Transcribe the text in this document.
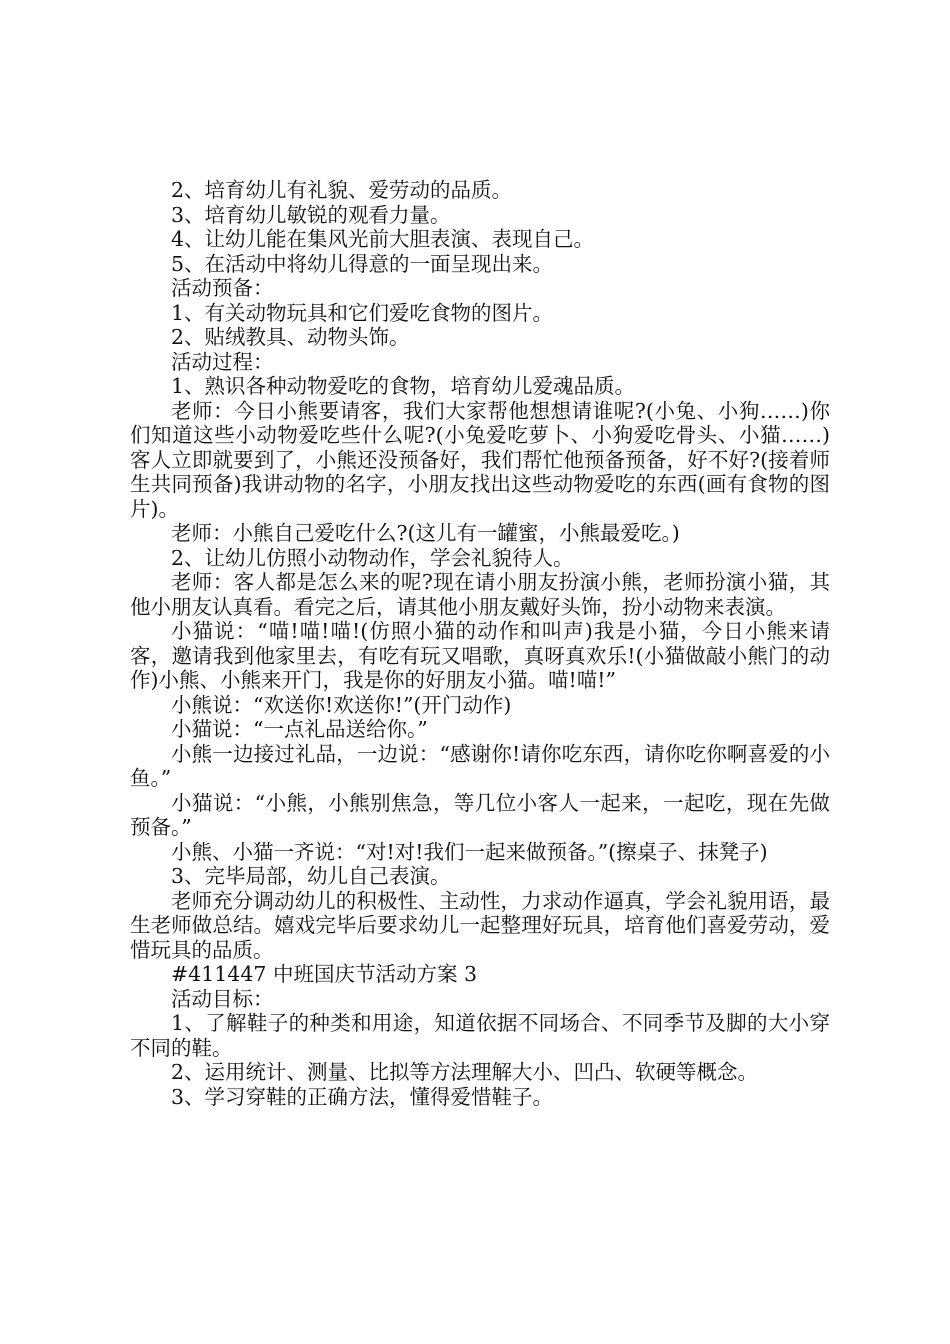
2、培育幼儿有礼貌、爱劳动的品质。

3、培育幼儿敏锐的观看力量。

4、让幼儿能在集风光前大胆表演、表现自己。

5、在活动中将幼儿得意的一面呈现出来。

活动预备：

1、有关动物玩具和它们爱吃食物的图片。

2、贴绒教具、动物头饰。

活动过程：

1、熟识各种动物爱吃的食物，培育幼儿爱魂品质。

老师：今日小熊要请客，我们大家帮他想想请谁呢?(小兔、小狗……)你们知道这些小动物爱吃些什么呢?(小兔爱吃萝卜、小狗爱吃骨头、小猫……)客人立即就要到了，小熊还没预备好，我们帮忙他预备预备，好不好?(接着师生共同预备)我讲动物的名字，小朋友找出这些动物爱吃的东西(画有食物的图片)。

老师：小熊自己爱吃什么?(这儿有一罐蜜，小熊最爱吃。)

2、让幼儿仿照小动物动作，学会礼貌待人。

老师：客人都是怎么来的呢?现在请小朋友扮演小熊，老师扮演小猫，其他小朋友认真看。看完之后，请其他小朋友戴好头饰，扮小动物来表演。

小猫说：“喵!喵!喵!(仿照小猫的动作和叫声)我是小猫，今日小熊来请客，邀请我到他家里去，有吃有玩又唱歌，真呀真欢乐!(小猫做敲小熊门的动作)小熊、小熊来开门，我是你的好朋友小猫。喵!喵!”

小熊说：“欢送你!欢送你!”(开门动作)

小猫说：“一点礼品送给你。”

小熊一边接过礼品，一边说：“感谢你!请你吃东西，请你吃你啊喜爱的小鱼。”

小猫说：“小熊，小熊别焦急，等几位小客人一起来，一起吃，现在先做预备。”

小熊、小猫一齐说：“对!对!我们一起来做预备。”(擦桌子、抹凳子)

3、完毕局部，幼儿自己表演。

老师充分调动幼儿的积极性、主动性，力求动作逼真，学会礼貌用语，最生老师做总结。嬉戏完毕后要求幼儿一起整理好玩具，培育他们喜爱劳动，爱惜玩具的品质。

#411447 中班国庆节活动方案 3

活动目标：

1、了解鞋子的种类和用途，知道依据不同场合、不同季节及脚的大小穿不同的鞋。

2、运用统计、测量、比拟等方法理解大小、凹凸、软硬等概念。

3、学习穿鞋的正确方法，懂得爱惜鞋子。
